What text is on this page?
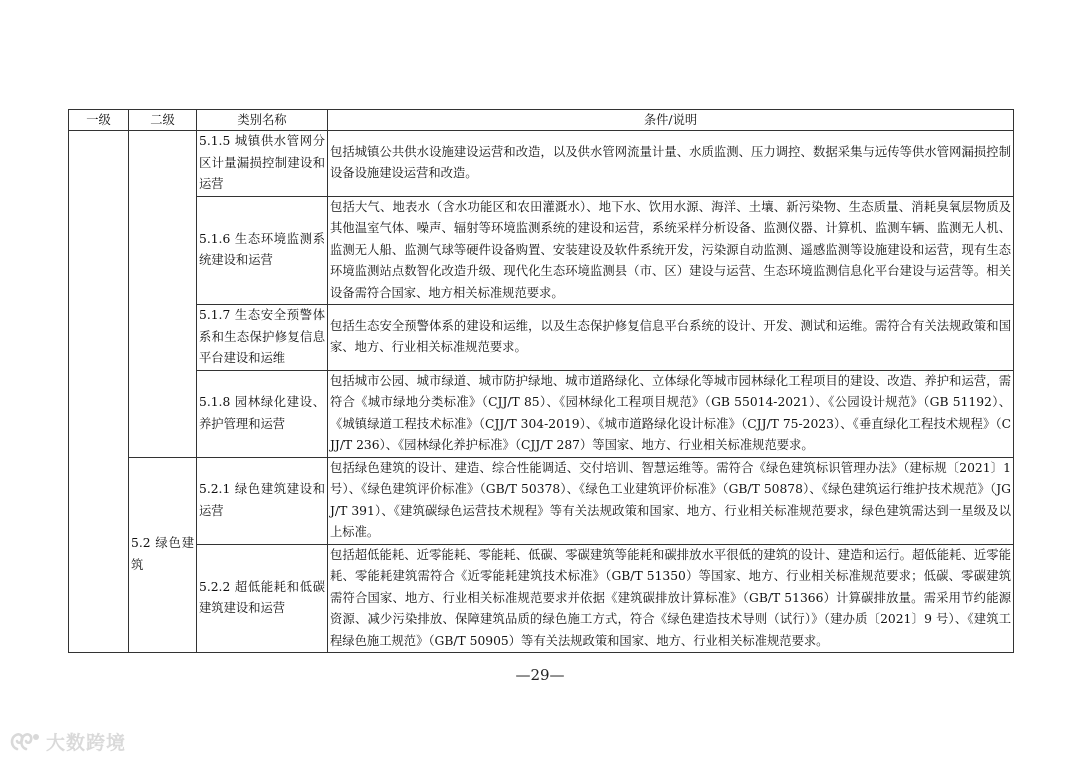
一级	二级	类别名称	条件/说明
		5.1.5 城镇供水管网分区计量漏损控制建设和运营	包括城镇公共供水设施建设运营和改造，以及供水管网流量计量、水质监测、压力调控、数据采集与远传等供水管网漏损控制设备设施建设运营和改造。
		5.1.6 生态环境监测系统建设和运营	包括大气、地表水（含水功能区和农田灌溉水）、地下水、饮用水源、海洋、土壤、新污染物、生态质量、消耗臭氧层物质及其他温室气体、噪声、辐射等环境监测系统的建设和运营，系统采样分析设备、监测仪器、计算机、监测车辆、监测无人机、监测无人船、监测气球等硬件设备购置、安装建设及软件系统开发，污染源自动监测、遥感监测等设施建设和运营，现有生态环境监测站点数智化改造升级、现代化生态环境监测县（市、区）建设与运营、生态环境监测信息化平台建设与运营等。相关设备需符合国家、地方相关标准规范要求。
		5.1.7 生态安全预警体系和生态保护修复信息平台建设和运维	包括生态安全预警体系的建设和运维，以及生态保护修复信息平台系统的设计、开发、测试和运维。需符合有关法规政策和国家、地方、行业相关标准规范要求。
		5.1.8 园林绿化建设、养护管理和运营	包括城市公园、城市绿道、城市防护绿地、城市道路绿化、立体绿化等城市园林绿化工程项目的建设、改造、养护和运营，需符合《城市绿地分类标准》（CJJ/T 85）、《园林绿化工程项目规范》（GB 55014-2021）、《公园设计规范》（GB 51192）、《城镇绿道工程技术标准》（CJJ/T 304-2019）、《城市道路绿化设计标准》（CJJ/T 75-2023）、《垂直绿化工程技术规程》（CJJ/T 236）、《园林绿化养护标准》（CJJ/T 287）等国家、地方、行业相关标准规范要求。
	5.2 绿色建筑	5.2.1 绿色建筑建设和运营	包括绿色建筑的设计、建造、综合性能调适、交付培训、智慧运维等。需符合《绿色建筑标识管理办法》（建标规〔2021〕1 号）、《绿色建筑评价标准》（GB/T 50378）、《绿色工业建筑评价标准》（GB/T 50878）、《绿色建筑运行维护技术规范》（JGJ/T 391）、《建筑碳绿色运营技术规程》等有关法规政策和国家、地方、行业相关标准规范要求，绿色建筑需达到一星级及以上标准。
		5.2.2 超低能耗和低碳建筑建设和运营	包括超低能耗、近零能耗、零能耗、低碳、零碳建筑等能耗和碳排放水平很低的建筑的设计、建造和运行。超低能耗、近零能耗、零能耗建筑需符合《近零能耗建筑技术标准》（GB/T 51350）等国家、地方、行业相关标准规范要求；低碳、零碳建筑需符合国家、地方、行业相关标准规范要求并依据《建筑碳排放计算标准》（GB/T 51366）计算碳排放量。需采用节约能源资源、减少污染排放、保障建筑品质的绿色施工方式，符合《绿色建造技术导则（试行）》（建办质〔2021〕9 号）、《建筑工程绿色施工规范》（GB/T 50905）等有关法规政策和国家、地方、行业相关标准规范要求。
—29—
大数跨境
